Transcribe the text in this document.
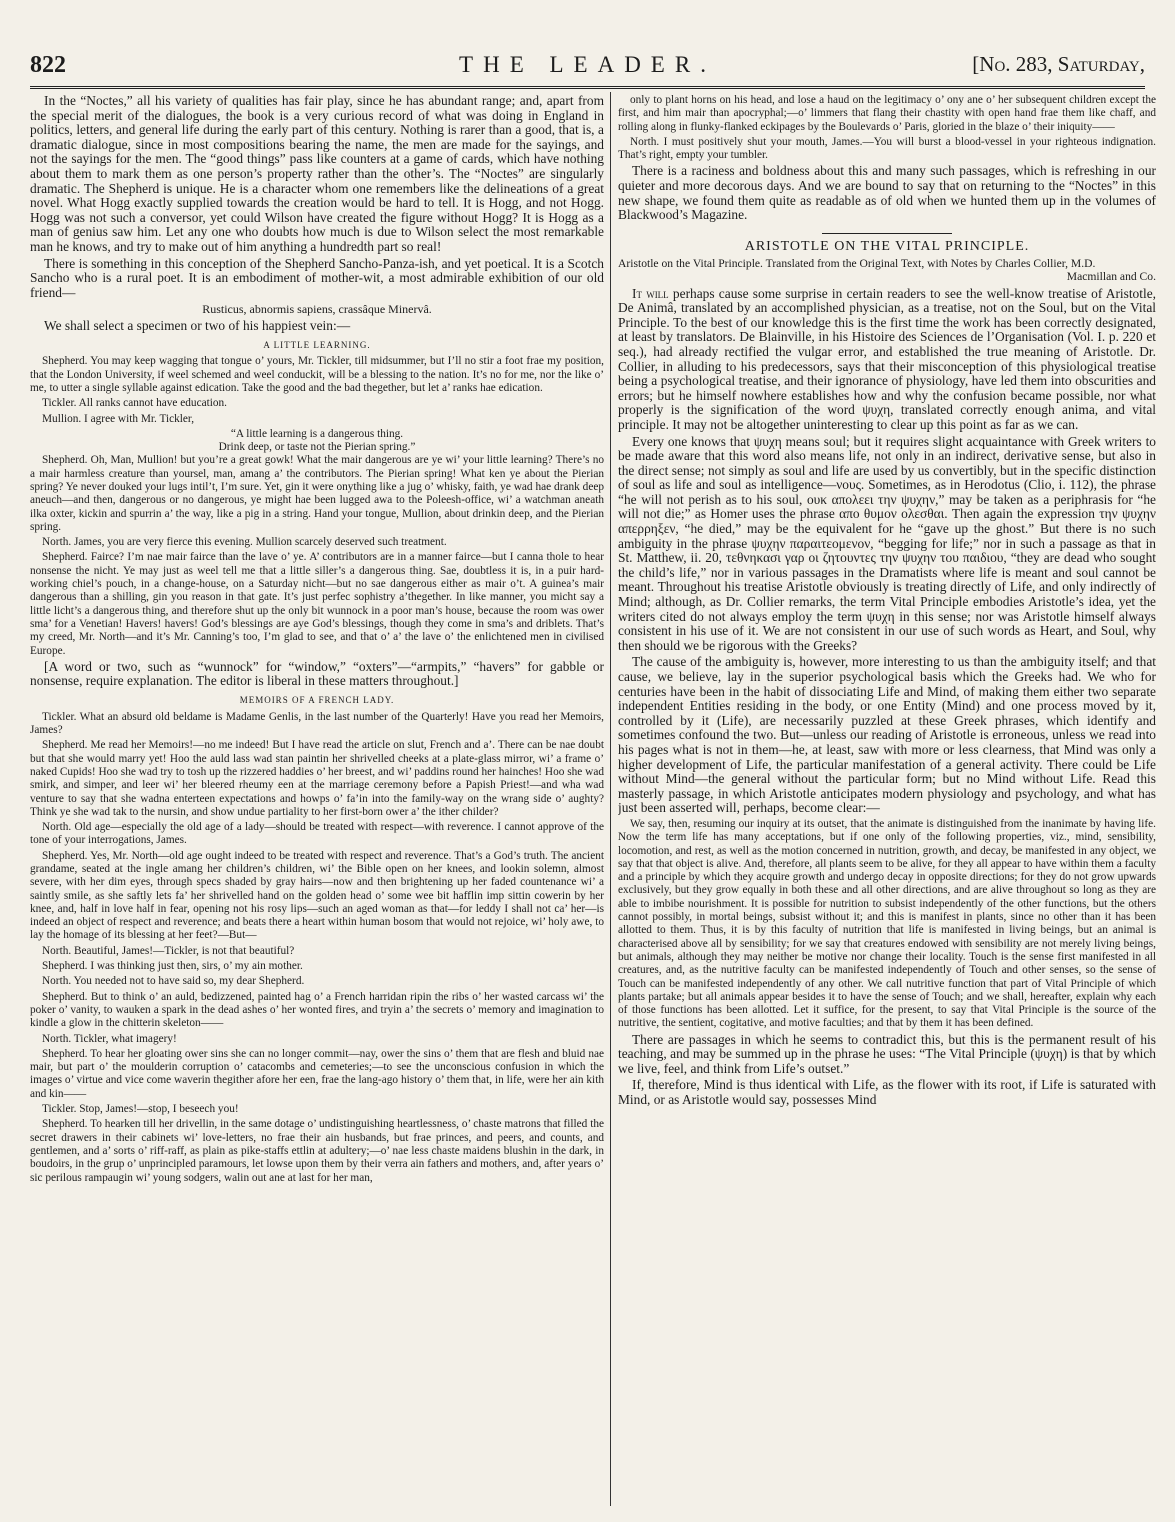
822	THE LEADER.	[No. 283, Saturday,

In the “Noctes,” all his variety of qualities has fair play, since he has abundant range; and, apart from the special merit of the dialogues, the book is a very curious record of what was doing in England in politics, letters, and general life during the early part of this century. Nothing is rarer than a good, that is, a dramatic dialogue, since in most compositions bearing the name, the men are made for the sayings, and not the sayings for the men. The “good things” pass like counters at a game of cards, which have nothing about them to mark them as one person’s property rather than the other’s. The “Noctes” are singularly dramatic. The Shepherd is unique. He is a character whom one remembers like the delineations of a great novel. What Hogg exactly supplied towards the creation would be hard to tell. It is Hogg, and not Hogg. Hogg was not such a conversor, yet could Wilson have created the figure without Hogg? It is Hogg as a man of genius saw him. Let any one who doubts how much is due to Wilson select the most remarkable man he knows, and try to make out of him anything a hundredth part so real!

There is something in this conception of the Shepherd Sancho-Panza-ish, and yet poetical. It is a Scotch Sancho who is a rural poet. It is an embodiment of mother-wit, a most admirable exhibition of our old friend—

Rusticus, abnormis sapiens, crassâque Minervâ.

We shall select a specimen or two of his happiest vein:—

A LITTLE LEARNING.

Shepherd. You may keep wagging that tongue o’ yours, Mr. Tickler, till midsummer, but I’ll no stir a foot frae my position, that the London University, if weel schemed and weel conduckit, will be a blessing to the nation. It’s no for me, nor the like o’ me, to utter a single syllable against edication. Take the good and the bad thegether, but let a’ ranks hae edication.

Tickler. All ranks cannot have education.

Mullion. I agree with Mr. Tickler,

“A little learning is a dangerous thing.

Drink deep, or taste not the Pierian spring.”

Shepherd. Oh, Man, Mullion! but you’re a great gowk! What the mair dangerous are ye wi’ your little learning? There’s no a mair harmless creature than yoursel, man, amang a’ the contributors. The Pierian spring! What ken ye about the Pierian spring? Ye never douked your lugs intil’t, I’m sure. Yet, gin it were onything like a jug o’ whisky, faith, ye wad hae drank deep aneuch—and then, dangerous or no dangerous, ye might hae been lugged awa to the Poleesh-office, wi’ a watchman aneath ilka oxter, kickin and spurrin a’ the way, like a pig in a string. Hand your tongue, Mullion, about drinkin deep, and the Pierian spring.

North. James, you are very fierce this evening. Mullion scarcely deserved such treatment.

Shepherd. Fairce? I’m nae mair fairce than the lave o’ ye. A’ contributors are in a manner fairce—but I canna thole to hear nonsense the nicht. Ye may just as weel tell me that a little siller’s a dangerous thing. Sae, doubtless it is, in a puir hard-working chiel’s pouch, in a change-house, on a Saturday nicht—but no sae dangerous either as mair o’t. A guinea’s mair dangerous than a shilling, gin you reason in that gate. It’s just perfec sophistry a’thegether. In like manner, you micht say a little licht’s a dangerous thing, and therefore shut up the only bit wunnock in a poor man’s house, because the room was ower sma’ for a Venetian! Havers! havers! God’s blessings are aye God’s blessings, though they come in sma’s and driblets. That’s my creed, Mr. North—and it’s Mr. Canning’s too, I’m glad to see, and that o’ a’ the lave o’ the enlichtened men in civilised Europe.

[A word or two, such as “wunnock” for “window,” “oxters”—“armpits,” “havers” for gabble or nonsense, require explanation. The editor is liberal in these matters throughout.]

MEMOIRS OF A FRENCH LADY.

Tickler. What an absurd old beldame is Madame Genlis, in the last number of the Quarterly! Have you read her Memoirs, James?

Shepherd. Me read her Memoirs!—no me indeed! But I have read the article on slut, French and a’. There can be nae doubt but that she would marry yet! Hoo the auld lass wad stan paintin her shrivelled cheeks at a plate-glass mirror, wi’ a frame o’ naked Cupids! Hoo she wad try to tosh up the rizzered haddies o’ her breest, and wi’ paddins round her hainches! Hoo she wad smirk, and simper, and leer wi’ her bleered rheumy een at the marriage ceremony before a Papish Priest!—and wha wad venture to say that she wadna enterteen expectations and howps o’ fa’in into the family-way on the wrang side o’ aughty? Think ye she wad tak to the nursin, and show undue partiality to her first-born ower a’ the ither childer?

North. Old age—especially the old age of a lady—should be treated with respect—with reverence. I cannot approve of the tone of your interrogations, James.

Shepherd. Yes, Mr. North—old age ought indeed to be treated with respect and reverence. That’s a God’s truth. The ancient grandame, seated at the ingle amang her children’s children, wi’ the Bible open on her knees, and lookin solemn, almost severe, with her dim eyes, through specs shaded by gray hairs—now and then brightening up her faded countenance wi’ a saintly smile, as she saftly lets fa’ her shrivelled hand on the golden head o’ some wee bit hafflin imp sittin cowerin by her knee, and, half in love half in fear, opening not his rosy lips—such an aged woman as that—for leddy I shall not ca’ her—is indeed an object of respect and reverence; and beats there a heart within human bosom that would not rejoice, wi’ holy awe, to lay the homage of its blessing at her feet?—But—

North. Beautiful, James!—Tickler, is not that beautiful?

Shepherd. I was thinking just then, sirs, o’ my ain mother.

North. You needed not to have said so, my dear Shepherd.

Shepherd. But to think o’ an auld, bedizzened, painted hag o’ a French harridan ripin the ribs o’ her wasted carcass wi’ the poker o’ vanity, to wauken a spark in the dead ashes o’ her wonted fires, and tryin a’ the secrets o’ memory and imagination to kindle a glow in the chitterin skeleton——

North. Tickler, what imagery!

Shepherd. To hear her gloating ower sins she can no longer commit—nay, ower the sins o’ them that are flesh and bluid nae mair, but part o’ the moulderin corruption o’ catacombs and cemeteries;—to see the unconscious confusion in which the images o’ virtue and vice come waverin thegither afore her een, frae the lang-ago history o’ them that, in life, were her ain kith and kin——

Tickler. Stop, James!—stop, I beseech you!

Shepherd. To hearken till her drivellin, in the same dotage o’ undistinguishing heartlessness, o’ chaste matrons that filled the secret drawers in their cabinets wi’ love-letters, no frae their ain husbands, but frae princes, and peers, and counts, and gentlemen, and a’ sorts o’ riff-raff, as plain as pike-staffs ettlin at adultery;—o’ nae less chaste maidens blushin in the dark, in boudoirs, in the grup o’ unprincipled paramours, let lowse upon them by their verra ain fathers and mothers, and, after years o’ sic perilous rampaugin wi’ young sodgers, walin out ane at last for her man,

only to plant horns on his head, and lose a haud on the legitimacy o’ ony ane o’ her subsequent children except the first, and him mair than apocryphal;—o’ limmers that flang their chastity with open hand frae them like chaff, and rolling along in flunky-flanked eckipages by the Boulevards o’ Paris, gloried in the blaze o’ their iniquity——

North. I must positively shut your mouth, James.—You will burst a blood-vessel in your righteous indignation. That’s right, empty your tumbler.

There is a raciness and boldness about this and many such passages, which is refreshing in our quieter and more decorous days. And we are bound to say that on returning to the “Noctes” in this new shape, we found them quite as readable as of old when we hunted them up in the volumes of Blackwood’s Magazine.

ARISTOTLE ON THE VITAL PRINCIPLE.

Aristotle on the Vital Principle. Translated from the Original Text, with Notes by Charles Collier, M.D.
Macmillan and Co.

It will perhaps cause some surprise in certain readers to see the well-know treatise of Aristotle, De Animâ, translated by an accomplished physician, as a treatise, not on the Soul, but on the Vital Principle. To the best of our knowledge this is the first time the work has been correctly designated, at least by translators. De Blainville, in his Histoire des Sciences de l’Organisation (Vol. I. p. 220 et seq.), had already rectified the vulgar error, and established the true meaning of Aristotle. Dr. Collier, in alluding to his predecessors, says that their misconception of this physiological treatise being a psychological treatise, and their ignorance of physiology, have led them into obscurities and errors; but he himself nowhere establishes how and why the confusion became possible, nor what properly is the signification of the word ψυχη, translated correctly enough anima, and vital principle. It may not be altogether uninteresting to clear up this point as far as we can.

Every one knows that ψυχη means soul; but it requires slight acquaintance with Greek writers to be made aware that this word also means life, not only in an indirect, derivative sense, but also in the direct sense; not simply as soul and life are used by us convertibly, but in the specific distinction of soul as life and soul as intelligence—νους. Sometimes, as in Herodotus (Clio, i. 112), the phrase “he will not perish as to his soul, ουκ απολεει την ψυχην,” may be taken as a periphrasis for “he will not die;” as Homer uses the phrase απο θυμον ολεσθαι. Then again the expression την ψυχην απερρηξεν, “he died,” may be the equivalent for he “gave up the ghost.” But there is no such ambiguity in the phrase ψυχην παραιτεομενον, “begging for life;” nor in such a passage as that in St. Matthew, ii. 20, τεθνηκασι γαρ οι ζητουντες την ψυχην του παιδιου, “they are dead who sought the child’s life,” nor in various passages in the Dramatists where life is meant and soul cannot be meant. Throughout his treatise Aristotle obviously is treating directly of Life, and only indirectly of Mind; although, as Dr. Collier remarks, the term Vital Principle embodies Aristotle’s idea, yet the writers cited do not always employ the term ψυχη in this sense; nor was Aristotle himself always consistent in his use of it. We are not consistent in our use of such words as Heart, and Soul, why then should we be rigorous with the Greeks?

The cause of the ambiguity is, however, more interesting to us than the ambiguity itself; and that cause, we believe, lay in the superior psychological basis which the Greeks had. We who for centuries have been in the habit of dissociating Life and Mind, of making them either two separate independent Entities residing in the body, or one Entity (Mind) and one process moved by it, controlled by it (Life), are necessarily puzzled at these Greek phrases, which identify and sometimes confound the two. But—unless our reading of Aristotle is erroneous, unless we read into his pages what is not in them—he, at least, saw with more or less clearness, that Mind was only a higher development of Life, the particular manifestation of a general activity. There could be Life without Mind—the general without the particular form; but no Mind without Life. Read this masterly passage, in which Aristotle anticipates modern physiology and psychology, and what has just been asserted will, perhaps, become clear:—

We say, then, resuming our inquiry at its outset, that the animate is distinguished from the inanimate by having life. Now the term life has many acceptations, but if one only of the following properties, viz., mind, sensibility, locomotion, and rest, as well as the motion concerned in nutrition, growth, and decay, be manifested in any object, we say that that object is alive. And, therefore, all plants seem to be alive, for they all appear to have within them a faculty and a principle by which they acquire growth and undergo decay in opposite directions; for they do not grow upwards exclusively, but they grow equally in both these and all other directions, and are alive throughout so long as they are able to imbibe nourishment. It is possible for nutrition to subsist independently of the other functions, but the others cannot possibly, in mortal beings, subsist without it; and this is manifest in plants, since no other than it has been allotted to them. Thus, it is by this faculty of nutrition that life is manifested in living beings, but an animal is characterised above all by sensibility; for we say that creatures endowed with sensibility are not merely living beings, but animals, although they may neither be motive nor change their locality. Touch is the sense first manifested in all creatures, and, as the nutritive faculty can be manifested independently of Touch and other senses, so the sense of Touch can be manifested independently of any other. We call nutritive function that part of Vital Principle of which plants partake; but all animals appear besides it to have the sense of Touch; and we shall, hereafter, explain why each of those functions has been allotted. Let it suffice, for the present, to say that Vital Principle is the source of the nutritive, the sentient, cogitative, and motive faculties; and that by them it has been defined.

There are passages in which he seems to contradict this, but this is the permanent result of his teaching, and may be summed up in the phrase he uses: “The Vital Principle (ψυχη) is that by which we live, feel, and think from Life’s outset.”

If, therefore, Mind is thus identical with Life, as the flower with its root, if Life is saturated with Mind, or as Aristotle would say, possesses Mind
